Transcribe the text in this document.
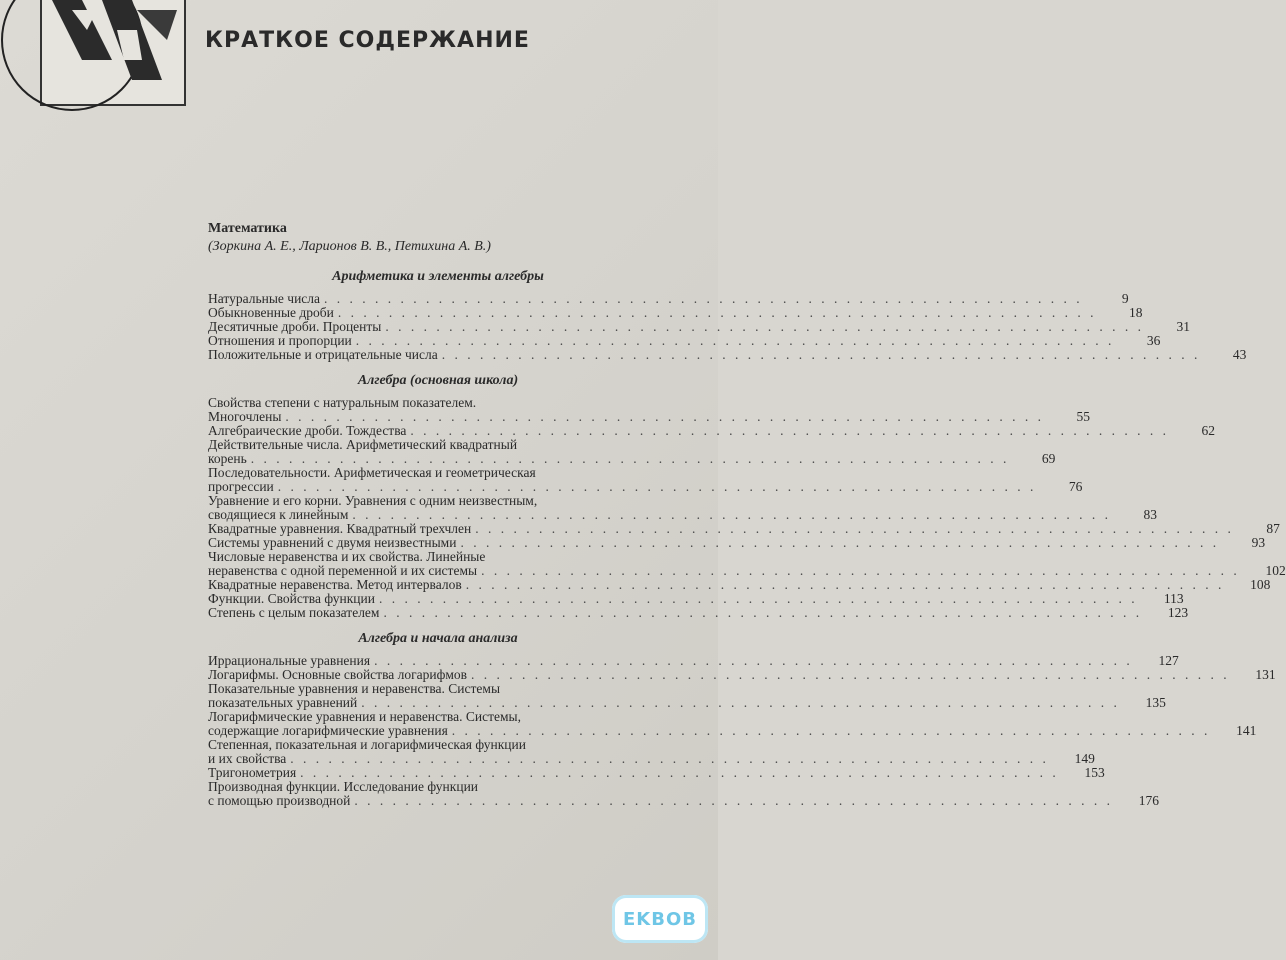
КРАТКОЕ СОДЕРЖАНИЕ
Математика
(Зоркина А. Е., Ларионов В. В., Петихина А. В.)
Арифметика и элементы алгебры
Натуральные числа . . . . . . . . . . . . . . . . . . . . . . . . . . . . . . . . . . . . . . . . . . . . . . . . . . . . . . . . . . . .	9
Обыкновенные дроби . . . . . . . . . . . . . . . . . . . . . . . . . . . . . . . . . . . . . . . . . . . . . . . . . . . . . . . . . . . .	18
Десятичные дроби. Проценты . . . . . . . . . . . . . . . . . . . . . . . . . . . . . . . . . . . . . . . . . . . . . . . . . . . . . . . . . . . .	31
Отношения и пропорции . . . . . . . . . . . . . . . . . . . . . . . . . . . . . . . . . . . . . . . . . . . . . . . . . . . . . . . . . . . .	36
Положительные и отрицательные числа . . . . . . . . . . . . . . . . . . . . . . . . . . . . . . . . . . . . . . . . . . . . . . . . . . . . . . . . . . . .	43
Алгебра (основная школа)
Свойства степени с натуральным показателем.
Многочлены . . . . . . . . . . . . . . . . . . . . . . . . . . . . . . . . . . . . . . . . . . . . . . . . . . . . . . . . . . . .	55
Алгебраические дроби. Тождества . . . . . . . . . . . . . . . . . . . . . . . . . . . . . . . . . . . . . . . . . . . . . . . . . . . . . . . . . . . .	62
Действительные числа. Арифметический квадратный
корень . . . . . . . . . . . . . . . . . . . . . . . . . . . . . . . . . . . . . . . . . . . . . . . . . . . . . . . . . . . .	69
Последовательности. Арифметическая и геометрическая
прогрессии . . . . . . . . . . . . . . . . . . . . . . . . . . . . . . . . . . . . . . . . . . . . . . . . . . . . . . . . . . . .	76
Уравнение и его корни. Уравнения с одним неизвестным,
сводящиеся к линейным . . . . . . . . . . . . . . . . . . . . . . . . . . . . . . . . . . . . . . . . . . . . . . . . . . . . . . . . . . . .	83
Квадратные уравнения. Квадратный трехчлен . . . . . . . . . . . . . . . . . . . . . . . . . . . . . . . . . . . . . . . . . . . . . . . . . . . . . . . . . . . .	87
Системы уравнений с двумя неизвестными . . . . . . . . . . . . . . . . . . . . . . . . . . . . . . . . . . . . . . . . . . . . . . . . . . . . . . . . . . . .	93
Числовые неравенства и их свойства. Линейные
неравенства с одной переменной и их системы . . . . . . . . . . . . . . . . . . . . . . . . . . . . . . . . . . . . . . . . . . . . . . . . . . . . . . . . . . . .	102
Квадратные неравенства. Метод интервалов . . . . . . . . . . . . . . . . . . . . . . . . . . . . . . . . . . . . . . . . . . . . . . . . . . . . . . . . . . . .	108
Функции. Свойства функции . . . . . . . . . . . . . . . . . . . . . . . . . . . . . . . . . . . . . . . . . . . . . . . . . . . . . . . . . . . .	113
Степень с целым показателем . . . . . . . . . . . . . . . . . . . . . . . . . . . . . . . . . . . . . . . . . . . . . . . . . . . . . . . . . . . .	123
Алгебра и начала анализа
Иррациональные уравнения . . . . . . . . . . . . . . . . . . . . . . . . . . . . . . . . . . . . . . . . . . . . . . . . . . . . . . . . . . . .	127
Логарифмы. Основные свойства логарифмов . . . . . . . . . . . . . . . . . . . . . . . . . . . . . . . . . . . . . . . . . . . . . . . . . . . . . . . . . . . .	131
Показательные уравнения и неравенства. Системы
показательных уравнений . . . . . . . . . . . . . . . . . . . . . . . . . . . . . . . . . . . . . . . . . . . . . . . . . . . . . . . . . . . .	135
Логарифмические уравнения и неравенства. Системы,
содержащие логарифмические уравнения . . . . . . . . . . . . . . . . . . . . . . . . . . . . . . . . . . . . . . . . . . . . . . . . . . . . . . . . . . . .	141
Степенная, показательная и логарифмическая функции
и их свойства . . . . . . . . . . . . . . . . . . . . . . . . . . . . . . . . . . . . . . . . . . . . . . . . . . . . . . . . . . . .	149
Тригонометрия . . . . . . . . . . . . . . . . . . . . . . . . . . . . . . . . . . . . . . . . . . . . . . . . . . . . . . . . . . . .	153
Производная функции. Исследование функции
с помощью производной . . . . . . . . . . . . . . . . . . . . . . . . . . . . . . . . . . . . . . . . . . . . . . . . . . . . . . . . . . . .	176
EKBOB
